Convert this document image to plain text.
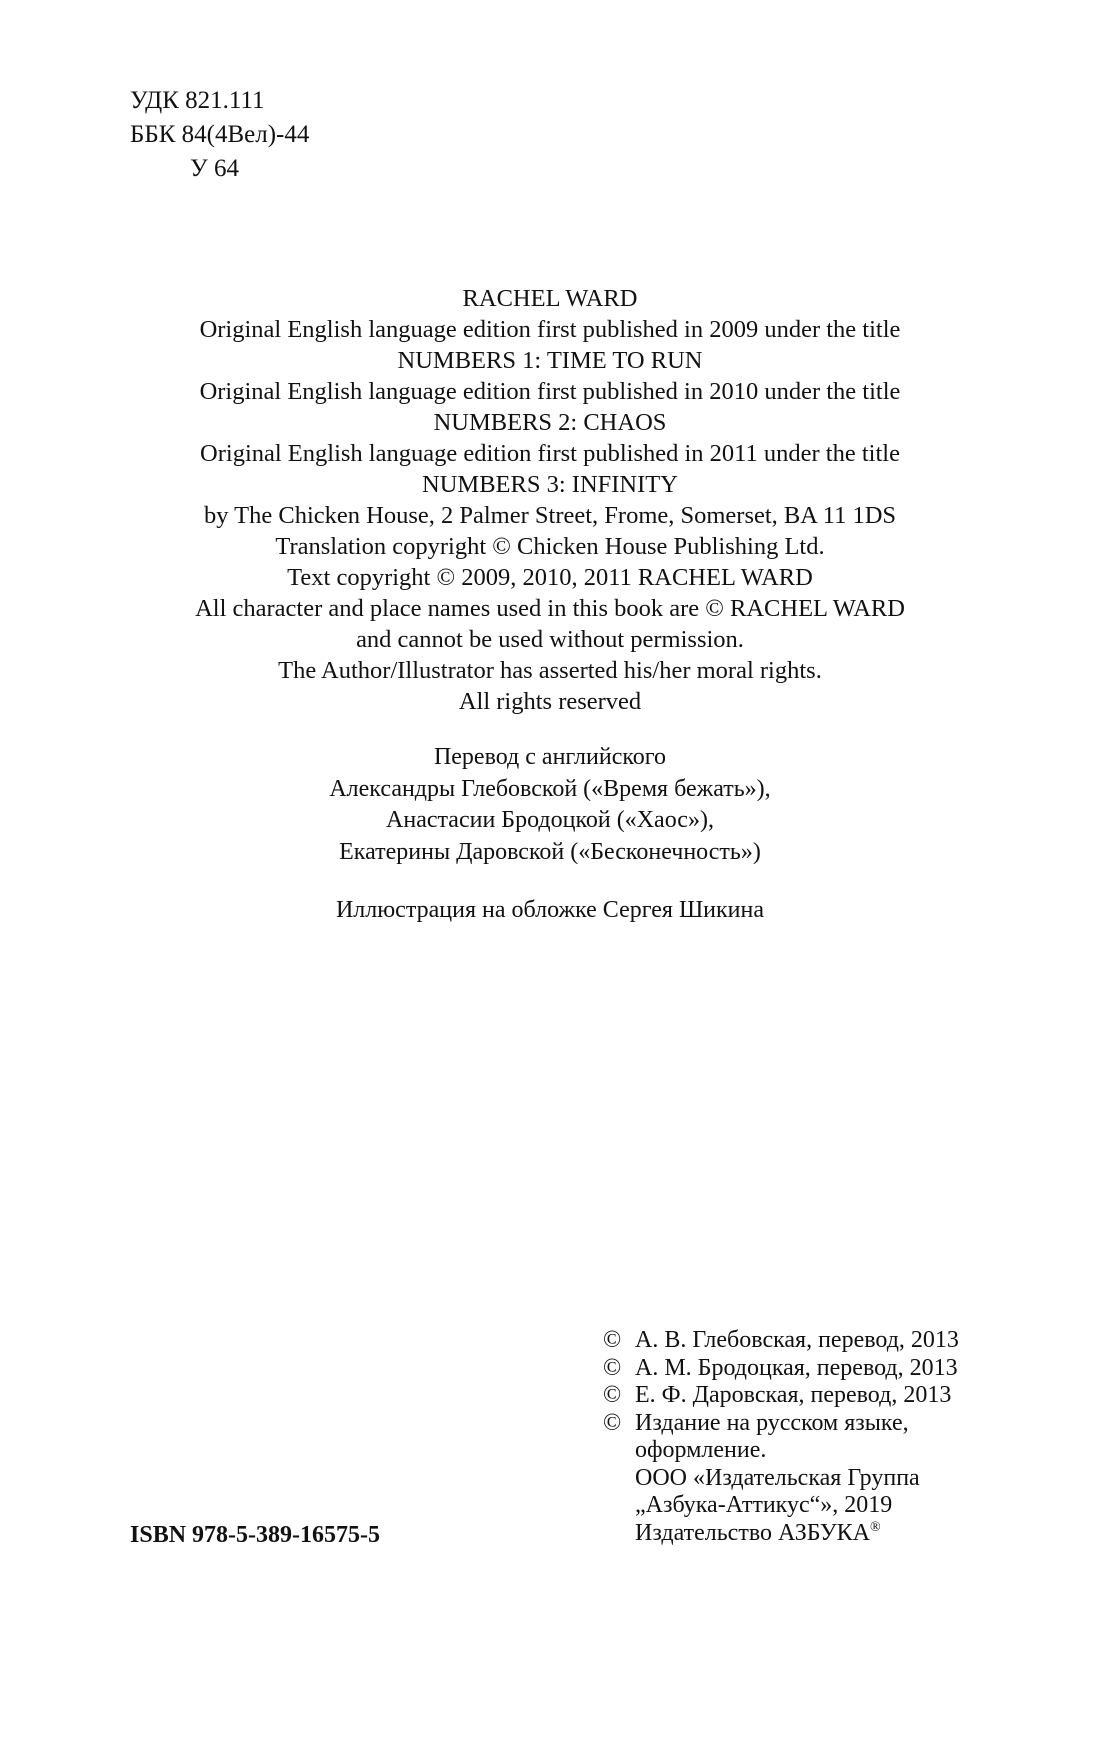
УДК 821.111
ББК 84(4Вел)-44
У 64
RACHEL WARD
Original English language edition first published in 2009 under the title
NUMBERS 1: TIME TO RUN
Original English language edition first published in 2010 under the title
NUMBERS 2: CHAOS
Original English language edition first published in 2011 under the title
NUMBERS 3: INFINITY
by The Chicken House, 2 Palmer Street, Frome, Somerset, BA 11 1DS
Translation copyright © Chicken House Publishing Ltd.
Text copyright © 2009, 2010, 2011 RACHEL WARD
All character and place names used in this book are © RACHEL WARD
and cannot be used without permission.
The Author/Illustrator has asserted his/her moral rights.
All rights reserved
Перевод с английского
Александры Глебовской («Время бежать»),
Анастасии Бродоцкой («Хаос»),
Екатерины Даровской («Бесконечность»)
Иллюстрация на обложке Сергея Шикина
ISBN 978-5-389-16575-5
© А. В. Глебовская, перевод, 2013
© А. М. Бродоцкая, перевод, 2013
© Е. Ф. Даровская, перевод, 2013
© Издание на русском языке,
оформление.
ООО «Издательская Группа
„Азбука-Аттикус“», 2019
Издательство АЗБУКА®
